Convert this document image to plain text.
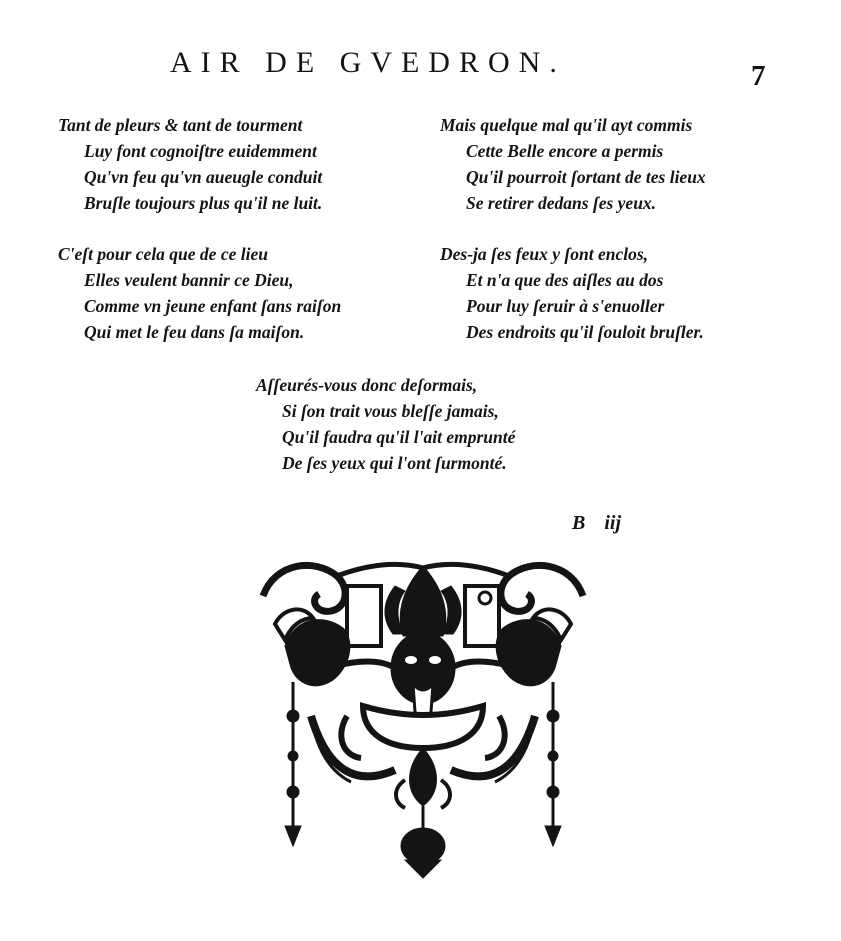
AIR DE GVEDRON.	7
Tant de pleurs & tant de tourment
Luy font cognoiſtre euidemment
Qu'vn feu qu'vn aueugle conduit
Bruſle toujours plus qu'il ne luit.
Mais quelque mal qu'il ayt commis
Cette Belle encore a permis
Qu'il pourroit ſortant de tes lieux
Se retirer dedans ſes yeux.
C'eſt pour cela que de ce lieu
Elles veulent bannir ce Dieu,
Comme vn jeune enfant ſans raiſon
Qui met le feu dans ſa maiſon.
Des-ja ſes feux y ſont enclos,
Et n'a que des aiſles au dos
Pour luy ſeruir à s'enuoller
Des endroits qu'il ſouloit bruſler.
Aſſeurés-vous donc deſormais,
Si ſon trait vous bleſſe jamais,
Qu'il faudra qu'il l'ait emprunté
De ſes yeux qui l'ont ſurmonté.
B iij
